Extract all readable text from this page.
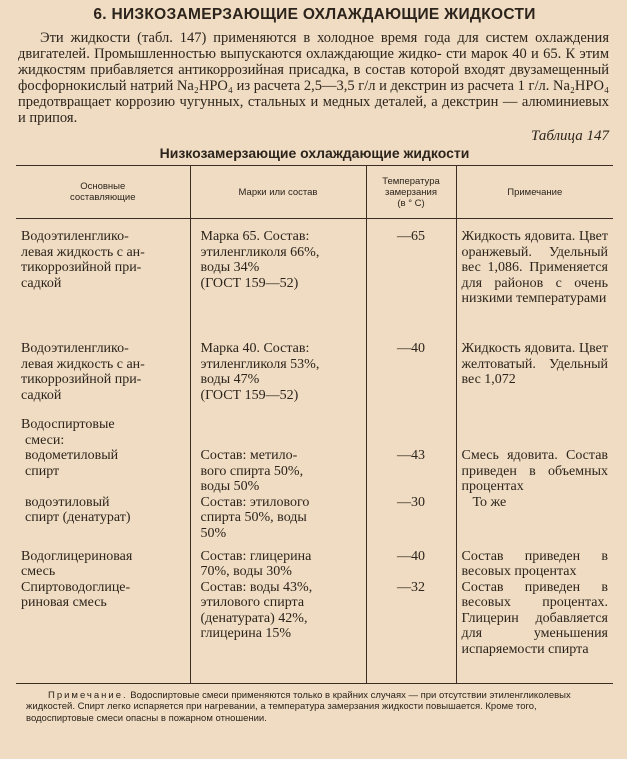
6. НИЗКОЗАМЕРЗАЮЩИЕ ОХЛАЖДАЮЩИЕ ЖИДКОСТИ
Эти жидкости (табл. 147) применяются в холодное время года для систем охлаждения двигателей. Промышленностью выпускаются охлаждающие жидко- сти марок 40 и 65. К этим жидкостям прибавляется антикоррозийная присадка, в состав которой входят двузамещенный фосфорнокислый натрий Na₂HPO₄ из расчета 2,5—3,5 г/л и декстрин из расчета 1 г/л. Na₂HPO₄ предотвращает коррозию чугунных, стальных и медных деталей, а декстрин — алюминиевых и припоя.
Таблица 147
Низкозамерзающие охлаждающие жидкости
Основные
составляющие	Марки или состав	Температура
замерзания
(в ° С)	Примечание
Водоэтиленглико-
левая жидкость с ан-
тикоррозийной при-
садкой	Марка 65. Состав:
этиленгликоля 66%,
воды 34%
(ГОСТ 159—52)	—65	Жидкость ядовита. Цвет оранжевый. Удельный вес 1,086. Применяется для районов с очень низкими температурами
Водоэтиленглико-
левая жидкость с ан-
тикоррозийной при-
садкой	Марка 40. Состав:
этиленгликоля 53%,
воды 47%
(ГОСТ 159—52)	—40	Жидкость ядовита. Цвет желтоватый. Удельный вес 1,072
Водоспиртовые
смеси:			
водометиловый
спирт	Состав: метило-
вого спирта 50%,
воды 50%	—43	Смесь ядовита. Состав приведен в объемных процентах
водоэтиловый
спирт (денатурат)	Состав: этилового
спирта 50%, воды
50%	—30	То же
Водоглицериновая
смесь	Состав: глицерина
70%, воды 30%	—40	Состав приведен в весовых процентах
Спиртоводоглице-
риновая смесь	Состав: воды 43%,
этилового спирта
(денатурата) 42%,
глицерина 15%	—32	Состав приведен в весовых процентах. Глицерин добавляется для уменьшения испаряемости спирта
Примечание. Водоспиртовые смеси применяются только в крайних случаях — при отсутствии этиленгликолевых жидкостей. Спирт легко испаряется при нагревании, а температура замерзания жидкости повышается. Кроме того, водоспиртовые смеси опасны в пожарном отношении.
